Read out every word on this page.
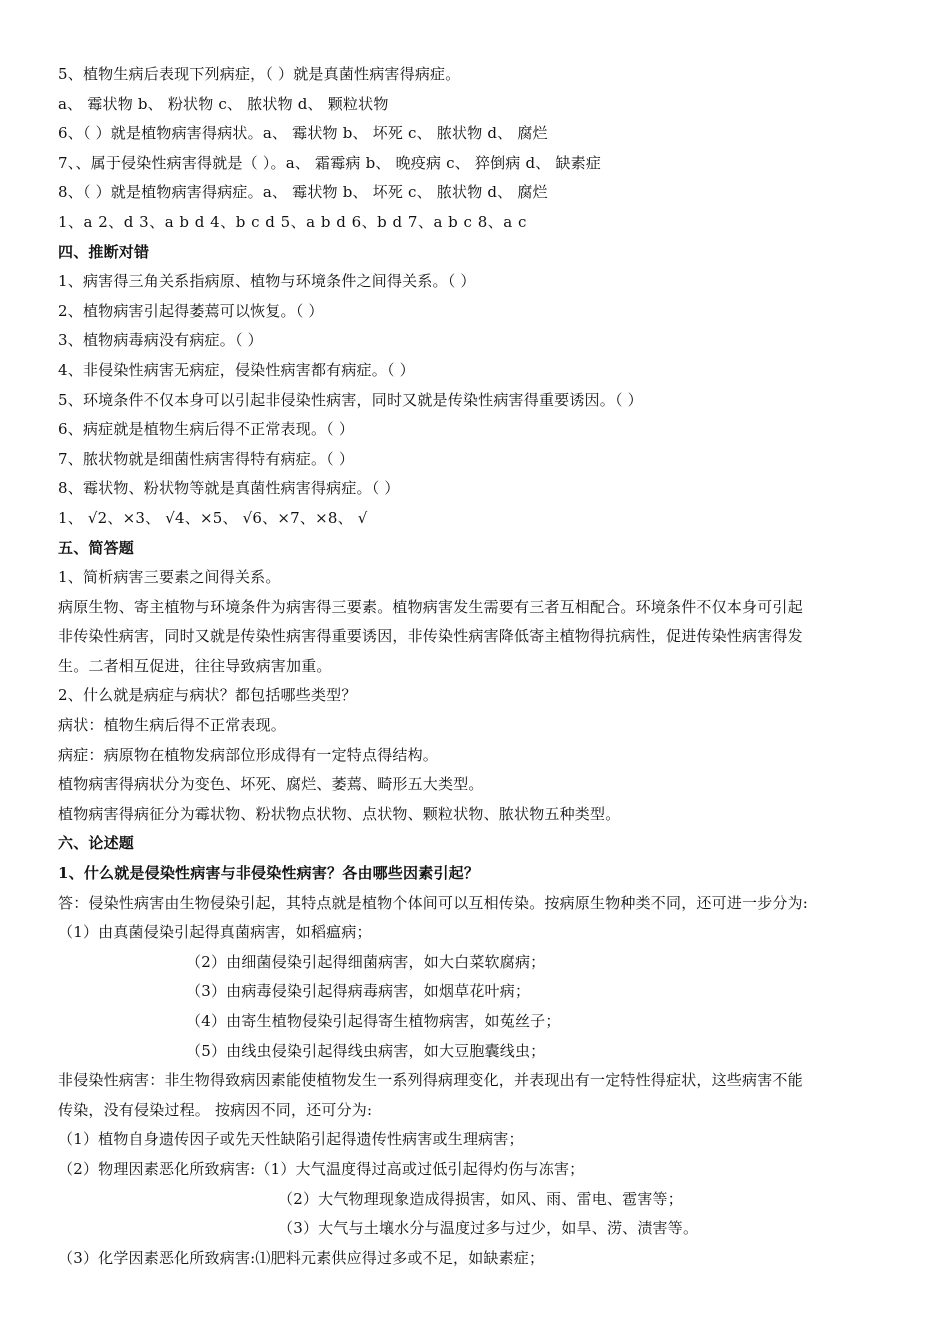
5、植物生病后表现下列病症，（ ）就是真菌性病害得病症。
a、 霉状物 b、 粉状物 c、 脓状物 d、 颗粒状物
6、（ ）就是植物病害得病状。a、 霉状物 b、 坏死 c、 脓状物 d、 腐烂
7、、属于侵染性病害得就是（ ）。a、 霜霉病 b、 晚疫病 c、 猝倒病 d、 缺素症
8、（ ）就是植物病害得病症。a、 霉状物 b、 坏死 c、 脓状物 d、 腐烂
1、a 2、d 3、a b d 4、b c d 5、a b d 6、b d 7、a b c 8、a c
四、推断对错
1、病害得三角关系指病原、植物与环境条件之间得关系。（ ）
2、植物病害引起得萎蔫可以恢复。（ ）
3、植物病毒病没有病症。（ ）
4、非侵染性病害无病症，侵染性病害都有病症。（ ）
5、环境条件不仅本身可以引起非侵染性病害，同时又就是传染性病害得重要诱因。（ ）
6、病症就是植物生病后得不正常表现。（ ）
7、脓状物就是细菌性病害得特有病症。（ ）
8、霉状物、粉状物等就是真菌性病害得病症。（ ）
1、 √2、×3、 √4、×5、 √6、×7、×8、 √
五、简答题
1、简析病害三要素之间得关系。
病原生物、寄主植物与环境条件为病害得三要素。植物病害发生需要有三者互相配合。环境条件不仅本身可引起
非传染性病害，同时又就是传染性病害得重要诱因，非传染性病害降低寄主植物得抗病性，促进传染性病害得发
生。二者相互促进，往往导致病害加重。
2、什么就是病症与病状？都包括哪些类型？
病状：植物生病后得不正常表现。
病症：病原物在植物发病部位形成得有一定特点得结构。
植物病害得病状分为变色、坏死、腐烂、萎蔫、畸形五大类型。
植物病害得病征分为霉状物、粉状物点状物、点状物、颗粒状物、脓状物五种类型。
六、论述题
1、什么就是侵染性病害与非侵染性病害？各由哪些因素引起？
答：侵染性病害由生物侵染引起，其特点就是植物个体间可以互相传染。按病原生物种类不同，还可进一步分为:
（1）由真菌侵染引起得真菌病害，如稻瘟病；
（2）由细菌侵染引起得细菌病害，如大白菜软腐病；
（3）由病毒侵染引起得病毒病害，如烟草花叶病；
（4）由寄生植物侵染引起得寄生植物病害，如菟丝子；
（5）由线虫侵染引起得线虫病害，如大豆胞囊线虫；
非侵染性病害：非生物得致病因素能使植物发生一系列得病理变化，并表现出有一定特性得症状，这些病害不能
传染，没有侵染过程。 按病因不同，还可分为:
（1）植物自身遗传因子或先天性缺陷引起得遗传性病害或生理病害；
（2）物理因素恶化所致病害:（1）大气温度得过高或过低引起得灼伤与冻害；
（2）大气物理现象造成得损害，如风、雨、雷电、雹害等；
（3）大气与土壤水分与温度过多与过少，如旱、涝、渍害等。
（3）化学因素恶化所致病害:⑴肥料元素供应得过多或不足，如缺素症；
